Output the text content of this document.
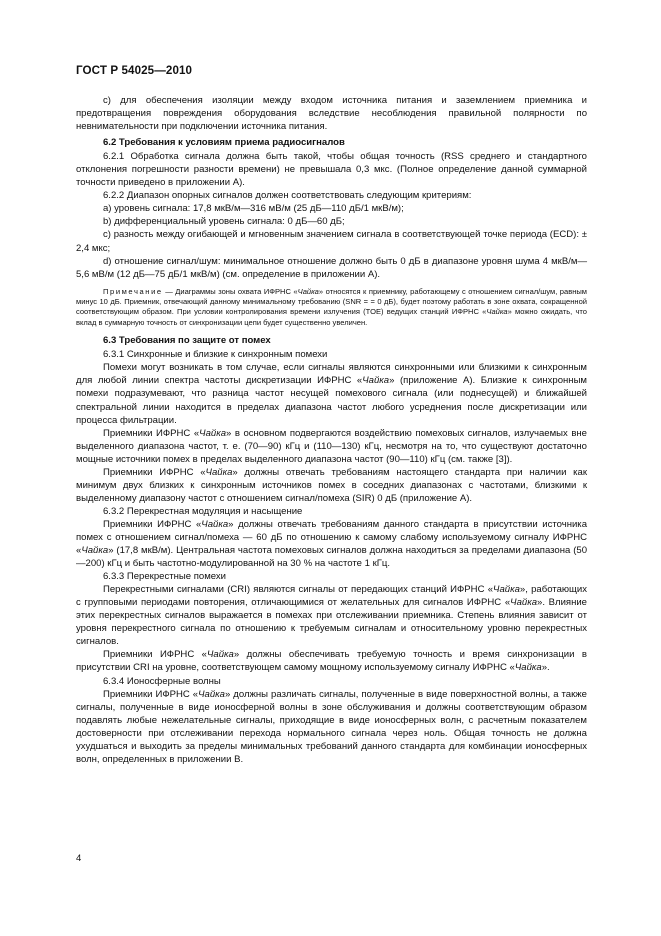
ГОСТ Р 54025—2010

c) для обеспечения изоляции между входом источника питания и заземлением приемника и предотвращения повреждения оборудования вследствие несоблюдения правильной полярности по невнимательности при подключении источника питания.

6.2 Требования к условиям приема радиосигналов

6.2.1 Обработка сигнала должна быть такой, чтобы общая точность (RSS среднего и стандартного отклонения погрешности разности времени) не превышала 0,3 мкс. (Полное определение данной суммарной точности приведено в приложении А).

6.2.2 Диапазон опорных сигналов должен соответствовать следующим критериям:

a) уровень сигнала: 17,8 мкВ/м—316 мВ/м (25 дБ—110 дБ/1 мкВ/м);

b) дифференциальный уровень сигнала: 0 дБ—60 дБ;

c) разность между огибающей и мгновенным значением сигнала в соответствующей точке периода (ECD): ± 2,4 мкс;

d) отношение сигнал/шум: минимальное отношение должно быть 0 дБ в диапазоне уровня шума 4 мкВ/м—5,6 мВ/м (12 дБ—75 дБ/1 мкВ/м) (см. определение в приложении А).

Примечание — Диаграммы зоны охвата ИФРНС «Чайка» относятся к приемнику, работающему с отношением сигнал/шум, равным минус 10 дБ. Приемник, отвечающий данному минимальному требованию (SNR = = 0 дБ), будет поэтому работать в зоне охвата, сокращенной соответствующим образом. При условии контролирования времени излучения (TOE) ведущих станций ИФРНС «Чайка» можно ожидать, что вклад в суммарную точность от синхронизации цепи будет существенно увеличен.

6.3 Требования по защите от помех

6.3.1 Синхронные и близкие к синхронным помехи

Помехи могут возникать в том случае, если сигналы являются синхронными или близкими к синхронным для любой линии спектра частоты дискретизации ИФРНС «Чайка» (приложение А). Близкие к синхронным помехи подразумевают, что разница частот несущей помехового сигнала (или поднесущей) и ближайшей спектральной линии находится в пределах диапазона частот любого усреднения после дискретизации или процесса фильтрации.

Приемники ИФРНС «Чайка» в основном подвергаются воздействию помеховых сигналов, излучаемых вне выделенного диапазона частот, т. е. (70—90) кГц и (110—130) кГц, несмотря на то, что существуют достаточно мощные источники помех в пределах выделенного диапазона частот (90—110) кГц (см. также [3]).

Приемники ИФРНС «Чайка» должны отвечать требованиям настоящего стандарта при наличии как минимум двух близких к синхронным источников помех в соседних диапазонах с частотами, близкими к выделенному диапазону частот с отношением сигнал/помеха (SIR) 0 дБ (приложение А).

6.3.2 Перекрестная модуляция и насыщение

Приемники ИФРНС «Чайка» должны отвечать требованиям данного стандарта в присутствии источника помех с отношением сигнал/помеха — 60 дБ по отношению к самому слабому используемому сигналу ИФРНС «Чайка» (17,8 мкВ/м). Центральная частота помеховых сигналов должна находиться за пределами диапазона (50—200) кГц и быть частотно-модулированной на 30 % на частоте 1 кГц.

6.3.3 Перекрестные помехи

Перекрестными сигналами (CRI) являются сигналы от передающих станций ИФРНС «Чайка», работающих с групповыми периодами повторения, отличающимися от желательных для сигналов ИФРНС «Чайка». Влияние этих перекрестных сигналов выражается в помехах при отслеживании приемника. Степень влияния зависит от уровня перекрестного сигнала по отношению к требуемым сигналам и относительному уровню перекрестных сигналов.

Приемники ИФРНС «Чайка» должны обеспечивать требуемую точность и время синхронизации в присутствии CRI на уровне, соответствующем самому мощному используемому сигналу ИФРНС «Чайка».

6.3.4 Ионосферные волны

Приемники ИФРНС «Чайка» должны различать сигналы, полученные в виде поверхностной волны, а также сигналы, полученные в виде ионосферной волны в зоне обслуживания и должны соответствующим образом подавлять любые нежелательные сигналы, приходящие в виде ионосферных волн, с расчетным показателем достоверности при отслеживании перехода нормального сигнала через ноль. Общая точность не должна ухудшаться и выходить за пределы минимальных требований данного стандарта для комбинации ионосферных волн, определенных в приложении В.

4
